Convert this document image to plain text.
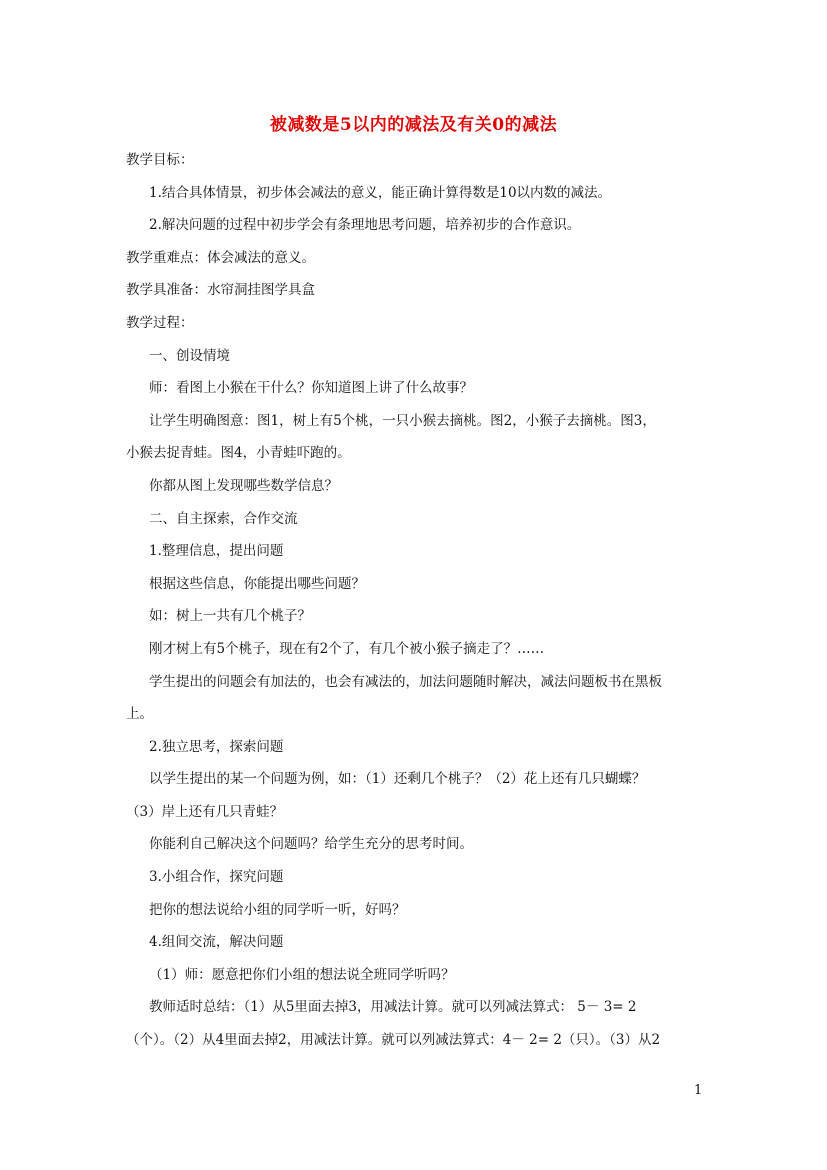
被减数是5以内的减法及有关0的减法
教学目标：
1.结合具体情景，初步体会减法的意义，能正确计算得数是10以内数的减法。
2.解决问题的过程中初步学会有条理地思考问题，培养初步的合作意识。
教学重难点：体会减法的意义。
教学具准备：水帘洞挂图学具盒
教学过程：
一、创设情境
师：看图上小猴在干什么？你知道图上讲了什么故事？
让学生明确图意：图1，树上有5个桃，一只小猴去摘桃。图2，小猴子去摘桃。图3，
小猴去捉青蛙。图4，小青蛙吓跑的。
你都从图上发现哪些数学信息？
二、自主探索，合作交流
1.整理信息，提出问题
根据这些信息，你能提出哪些问题？
如：树上一共有几个桃子？
刚才树上有5个桃子，现在有2个了，有几个被小猴子摘走了？……
学生提出的问题会有加法的，也会有减法的，加法问题随时解决，减法问题板书在黑板
上。
2.独立思考，探索问题
以学生提出的某一个问题为例，如：（1）还剩几个桃子？（2）花上还有几只蝴蝶？
（3）岸上还有几只青蛙？
你能利自己解决这个问题吗？给学生充分的思考时间。
3.小组合作，探究问题
把你的想法说给小组的同学听一听，好吗？
4.组间交流，解决问题
（1）师：愿意把你们小组的想法说全班同学听吗？
教师适时总结：（1）从5里面去掉3，用减法计算。就可以列减法算式： 5－ 3= 2
（个）。（2）从4里面去掉2，用减法计算。就可以列减法算式：4－ 2= 2（只）。（3）从2
1
